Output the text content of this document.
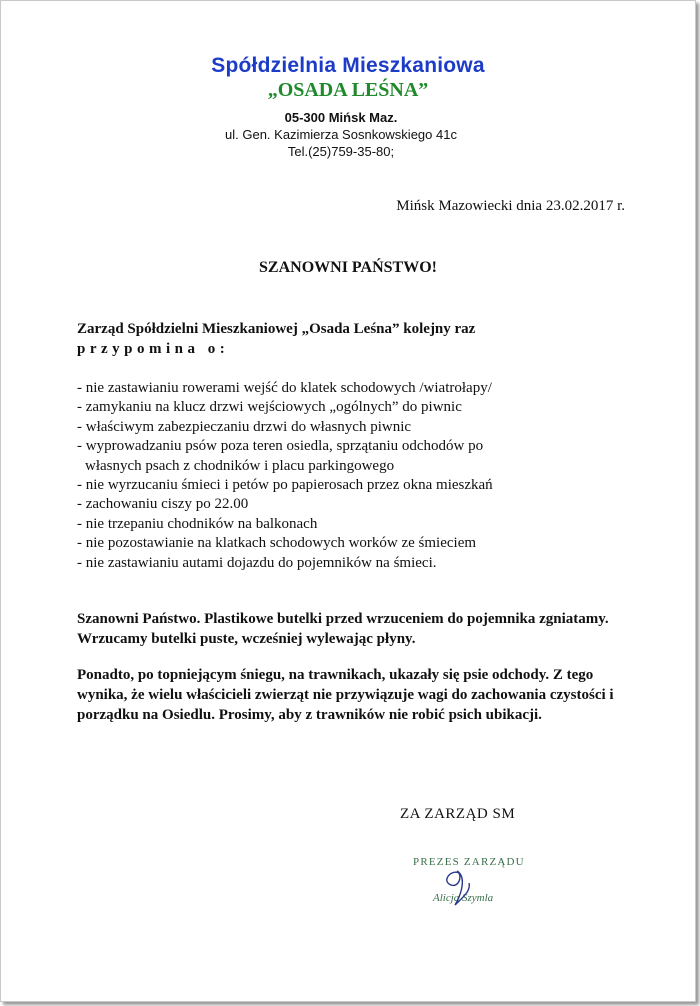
Spółdzielnia Mieszkaniowa

„OSADA LEŚNA”

05-300 Mińsk Maz.
ul. Gen. Kazimierza Sosnkowskiego 41c
Tel.(25)759-35-80;
Mińsk Mazowiecki dnia 23.02.2017 r.
SZANOWNI PAŃSTWO!
Zarząd Spółdzielni Mieszkaniowej „Osada Leśna” kolejny raz
przypomina o:
- nie zastawianiu rowerami wejść do klatek schodowych /wiatrołapy/
- zamykaniu na klucz drzwi wejściowych „ogólnych” do piwnic
- właściwym zabezpieczaniu drzwi do własnych piwnic
- wyprowadzaniu psów poza teren osiedla, sprzątaniu odchodów po
własnych psach z chodników i placu parkingowego
- nie wyrzucaniu śmieci i petów po papierosach przez okna mieszkań
- zachowaniu ciszy po 22.00
- nie trzepaniu chodników na balkonach
- nie pozostawianie na klatkach schodowych worków ze śmieciem
- nie zastawianiu autami dojazdu do pojemników na śmieci.
Szanowni Państwo. Plastikowe butelki przed wrzuceniem do pojemnika zgniatamy. Wrzucamy butelki puste, wcześniej wylewając płyny.
Ponadto, po topniejącym śniegu, na trawnikach, ukazały się psie odchody. Z tego wynika, że wielu właścicieli zwierząt nie przywiązuje wagi do zachowania czystości i porządku na Osiedlu. Prosimy, aby z trawników nie robić psich ubikacji.
ZA ZARZĄD SM
PREZES ZARZĄDU
Alicja Szymla
